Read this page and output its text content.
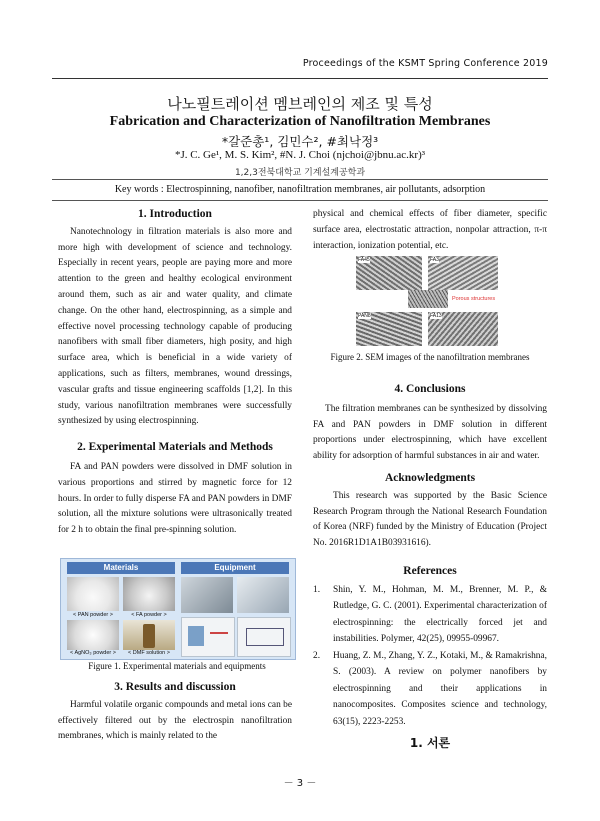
Proceedings of the KSMT Spring Conference 2019
나노필트레이션 멤브레인의 제조 및 특성
Fabrication and Characterization of Nanofiltration Membranes
*갈준총¹, 김민수², #최낙정³
*J. C. Ge¹, M. S. Kim², #N. J. Choi (njchoi@jbnu.ac.kr)³
1,2,3전북대학교 기계설계공학과
Key words : Electrospinning, nanofiber, nanofiltration membranes, air pollutants, adsorption
1. Introduction

Nanotechnology in filtration materials is also more and more high with development of science and technology. Especially in recent years, people are paying more and more attention to the green and healthy ecological environment around them, such as air and water quality, and climate change. On the other hand, electrospinning, as a simple and effective novel processing technology capable of producing nanofibers with small fiber diameters, high posity, and high surface area, which is beneficial in a wide variety of applications, such as filters, membranes, wound dressings, vascular grafts and tissue engineering scaffolds [1,2]. In this study, various nanofiltration membranes were successfully synthesized by using electrospinning.

2. Experimental Materials and Methods

FA and PAN powders were dissolved in DMF solution in various proportions and stirred by magnetic force for 12 hours. In order to fully disperse FA and PAN powders in DMF solution, all the mixture solutions were ultrasonically treated for 2 h to obtain the final pre-spinning solution.

Materials	Equipment
< PAN powder >	< FA powder >
< AgNO₃ powder >	< DMF solution >
Figure 1. Experimental materials and equipments
3. Results and discussion

Harmful volatile organic compounds and metal ions can be effectively filtered out by the electrospin nanofiltration membranes, which is mainly related to the

physical and chemical effects of fiber diameter, specific surface area, electrostatic attraction, nonpolar attraction, π-π interaction, ionization potential, etc.

FA45	FA3
Porous structures
PAN8	FA13
Figure 2. SEM images of the nanofiltration membranes
4. Conclusions

The filtration membranes can be synthesized by dissolving FA and PAN powders in DMF solution in different proportions under electrospinning, which have excellent ability for adsorption of harmful substances in air and water.

Acknowledgments

This research was supported by the Basic Science Research Program through the National Research Foundation of Korea (NRF) funded by the Ministry of Education (Project No. 2016R1D1A1B03931616).

References
1.	Shin, Y. M., Hohman, M. M., Brenner, M. P., & Rutledge, G. C. (2001). Experimental characterization of electrospinning: the electrically forced jet and instabilities. Polymer, 42(25), 09955-09967.
2.	Huang, Z. M., Zhang, Y. Z., Kotaki, M., & Ramakrishna, S. (2003). A review on polymer nanofibers by electrospinning and their applications in nanocomposites. Composites science and technology, 63(15), 2223-2253.
1. 서론
－ 3 －
